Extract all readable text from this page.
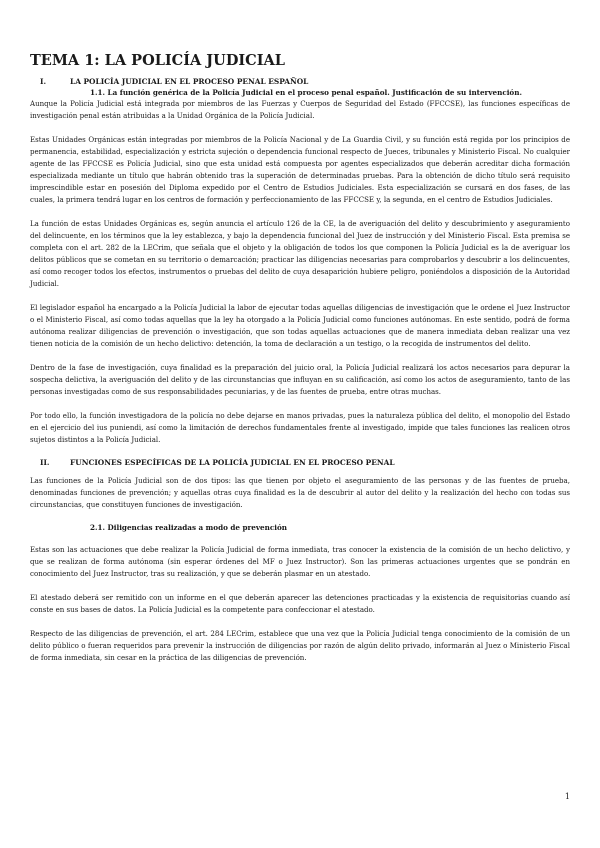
TEMA 1: LA POLICÍA JUDICIAL
I.	LA POLICÍA JUDICIAL EN EL PROCESO PENAL ESPAÑOL
1.1. La función genérica de la Policía Judicial en el proceso penal español. Justificación de su intervención.

Aunque la Policía Judicial está integrada por miembros de las Fuerzas y Cuerpos de Seguridad del Estado (FFCCSE), las funciones específicas de investigación penal están atribuidas a la Unidad Orgánica de la Policía Judicial.

Estas Unidades Orgánicas están integradas por miembros de la Policía Nacional y de La Guardia Civil, y su función está regida por los principios de permanencia, estabilidad, especialización y estricta sujeción o dependencia funcional respecto de Jueces, tribunales y Ministerio Fiscal. No cualquier agente de las FFCCSE es Policía Judicial, sino que esta unidad está compuesta por agentes especializados que deberán acreditar dicha formación especializada mediante un título que habrán obtenido tras la superación de determinadas pruebas. Para la obtención de dicho título será requisito imprescindible estar en posesión del Diploma expedido por el Centro de Estudios Judiciales. Esta especialización se cursará en dos fases, de las cuales, la primera tendrá lugar en los centros de formación y perfeccionamiento de las FFCCSE y, la segunda, en el centro de Estudios Judiciales.

La función de estas Unidades Orgánicas es, según anuncia el artículo 126 de la CE, la de averiguación del delito y descubrimiento y aseguramiento del delincuente, en los términos que la ley establezca, y bajo la dependencia funcional del Juez de instrucción y del Ministerio Fiscal. Esta premisa se completa con el art. 282 de la LECrim, que señala que el objeto y la obligación de todos los que componen la Policía Judicial es la de averiguar los delitos públicos que se cometan en su territorio o demarcación; practicar las diligencias necesarias para comprobarlos y descubrir a los delincuentes, así como recoger todos los efectos, instrumentos o pruebas del delito de cuya desaparición hubiere peligro, poniéndolos a disposición de la Autoridad Judicial.

El legislador español ha encargado a la Policía Judicial la labor de ejecutar todas aquellas diligencias de investigación que le ordene el Juez Instructor o el Ministerio Fiscal, así como todas aquellas que la ley ha otorgado a la Policía Judicial como funciones autónomas. En este sentido, podrá de forma autónoma realizar diligencias de prevención o investigación, que son todas aquellas actuaciones que de manera inmediata deban realizar una vez tienen noticia de la comisión de un hecho delictivo: detención, la toma de declaración a un testigo, o la recogida de instrumentos del delito.

Dentro de la fase de investigación, cuya finalidad es la preparación del juicio oral, la Policía Judicial realizará los actos necesarios para depurar la sospecha delictiva, la averiguación del delito y de las circunstancias que influyan en su calificación, así como los actos de aseguramiento, tanto de las personas investigadas como de sus responsabilidades pecuniarias, y de las fuentes de prueba, entre otras muchas.

Por todo ello, la función investigadora de la policía no debe dejarse en manos privadas, pues la naturaleza pública del delito, el monopolio del Estado en el ejercicio del ius puniendi, así como la limitación de derechos fundamentales frente al investigado, impide que tales funciones las realicen otros sujetos distintos a la Policía Judicial.

II.	FUNCIONES ESPECÍFICAS DE LA POLICÍA JUDICIAL EN EL PROCESO PENAL

Las funciones de la Policía Judicial son de dos tipos: las que tienen por objeto el aseguramiento de las personas y de las fuentes de prueba, denominadas funciones de prevención; y aquellas otras cuya finalidad es la de descubrir al autor del delito y la realización del hecho con todas sus circunstancias, que constituyen funciones de investigación.

2.1. Diligencias realizadas a modo de prevención

Estas son las actuaciones que debe realizar la Policía Judicial de forma inmediata, tras conocer la existencia de la comisión de un hecho delictivo, y que se realizan de forma autónoma (sin esperar órdenes del MF o Juez Instructor). Son las primeras actuaciones urgentes que se pondrán en conocimiento del Juez Instructor, tras su realización, y que se deberán plasmar en un atestado.

El atestado deberá ser remitido con un informe en el que deberán aparecer las detenciones practicadas y la existencia de requisitorias cuando así conste en sus bases de datos. La Policía Judicial es la competente para confeccionar el atestado.

Respecto de las diligencias de prevención, el art. 284 LECrim, establece que una vez que la Policía Judicial tenga conocimiento de la comisión de un delito público o fueran requeridos para prevenir la instrucción de diligencias por razón de algún delito privado, informarán al Juez o Ministerio Fiscal de forma inmediata, sin cesar en la práctica de las diligencias de prevención.

1
